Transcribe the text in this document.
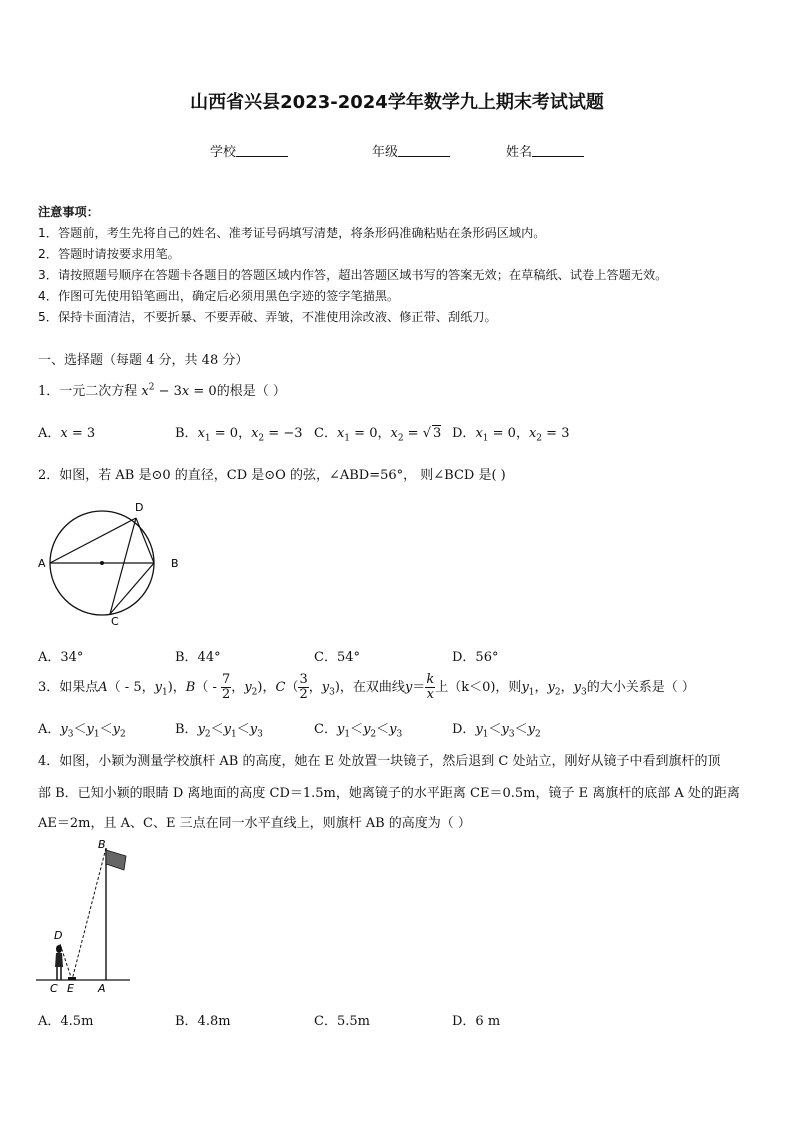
山西省兴县2023-2024学年数学九上期末考试试题
学校	年级	姓名
注意事项：
1．答题前，考生先将自己的姓名、准考证号码填写清楚，将条形码准确粘贴在条形码区域内。
2．答题时请按要求用笔。
3．请按照题号顺序在答题卡各题目的答题区域内作答，超出答题区域书写的答案无效；在草稿纸、试卷上答题无效。
4．作图可先使用铅笔画出，确定后必须用黑色字迹的签字笔描黑。
5．保持卡面清洁，不要折暴、不要弄破、弄皱，不准使用涂改液、修正带、刮纸刀。
一、选择题（每题 4 分，共 48 分）
1．一元二次方程 $x^2 - 3x = 0$的根是（ ）
A．x = 3	B．$x_1 = 0$，$x_2 = -3$ C．$x_1 = 0$，$x_2$ = √ 3 D．$x_1 = 0$，$x_2 = 3$
2．如图，若 AB 是⊙0 的直径，CD 是⊙O 的弦，∠ABD=56°， 则∠BCD 是( )
A	B
D
C
A．34°	B．44°	C．54°	D．56°
3．如果点A（ - 5，$y_1$)，$B( - \frac{7}{2}$ ，$y_2$)，$C( \frac{3}{2}$ ，$y_3$)，在双曲线$y= \frac{k}{x}$ 上（k＜0)，则$y_1$，$y_2$，$y_3$的大小关系是（ ）
A．$y_3<y_1<y_2$	B．$y_2<y_1<y_3$	C．$y_1<y_2<y_3$	D．$y_1<y_3<y_2$
4．如图，小颖为测量学校旗杆 AB 的高度，她在 E 处放置一块镜子，然后退到 C 处站立，刚好从镜子中看到旗杆的顶
部 B．已知小颖的眼睛 D 离地面的高度 CD＝1.5m，她离镜子的水平距离 CE＝0.5m，镜子 E 离旗杆的底部 A 处的距离
AE＝2m，且 A、C、E 三点在同一水平直线上，则旗杆 AB 的高度为（ ）
B
D
C E A
A．4.5m	B．4.8m	C．5.5m	D．6 m
